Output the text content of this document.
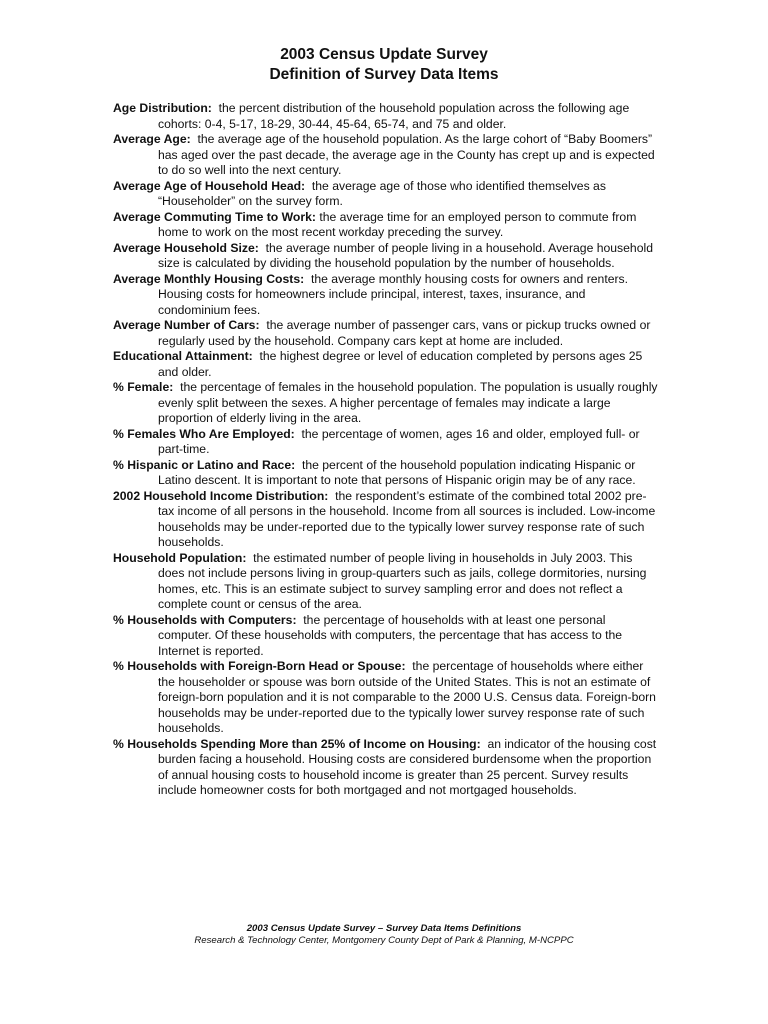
2003 Census Update Survey
Definition of Survey Data Items

Age Distribution: the percent distribution of the household population across the following age cohorts: 0-4, 5-17, 18-29, 30-44, 45-64, 65-74, and 75 and older.

Average Age: the average age of the household population. As the large cohort of “Baby Boomers” has aged over the past decade, the average age in the County has crept up and is expected to do so well into the next century.

Average Age of Household Head: the average age of those who identified themselves as “Householder” on the survey form.

Average Commuting Time to Work: the average time for an employed person to commute from home to work on the most recent workday preceding the survey.

Average Household Size: the average number of people living in a household. Average household size is calculated by dividing the household population by the number of households.

Average Monthly Housing Costs: the average monthly housing costs for owners and renters. Housing costs for homeowners include principal, interest, taxes, insurance, and condominium fees.

Average Number of Cars: the average number of passenger cars, vans or pickup trucks owned or regularly used by the household. Company cars kept at home are included.

Educational Attainment: the highest degree or level of education completed by persons ages 25 and older.

% Female: the percentage of females in the household population. The population is usually roughly evenly split between the sexes. A higher percentage of females may indicate a large proportion of elderly living in the area.

% Females Who Are Employed: the percentage of women, ages 16 and older, employed full- or part-time.

% Hispanic or Latino and Race: the percent of the household population indicating Hispanic or Latino descent. It is important to note that persons of Hispanic origin may be of any race.

2002 Household Income Distribution: the respondent’s estimate of the combined total 2002 pre-tax income of all persons in the household. Income from all sources is included. Low-income households may be under-reported due to the typically lower survey response rate of such households.

Household Population: the estimated number of people living in households in July 2003. This does not include persons living in group-quarters such as jails, college dormitories, nursing homes, etc. This is an estimate subject to survey sampling error and does not reflect a complete count or census of the area.

% Households with Computers: the percentage of households with at least one personal computer. Of these households with computers, the percentage that has access to the Internet is reported.

% Households with Foreign-Born Head or Spouse: the percentage of households where either the householder or spouse was born outside of the United States. This is not an estimate of foreign-born population and it is not comparable to the 2000 U.S. Census data. Foreign-born households may be under-reported due to the typically lower survey response rate of such households.

% Households Spending More than 25% of Income on Housing: an indicator of the housing cost burden facing a household. Housing costs are considered burdensome when the proportion of annual housing costs to household income is greater than 25 percent. Survey results include homeowner costs for both mortgaged and not mortgaged households.

2003 Census Update Survey – Survey Data Items Definitions
Research & Technology Center, Montgomery County Dept of Park & Planning, M-NCPPC
